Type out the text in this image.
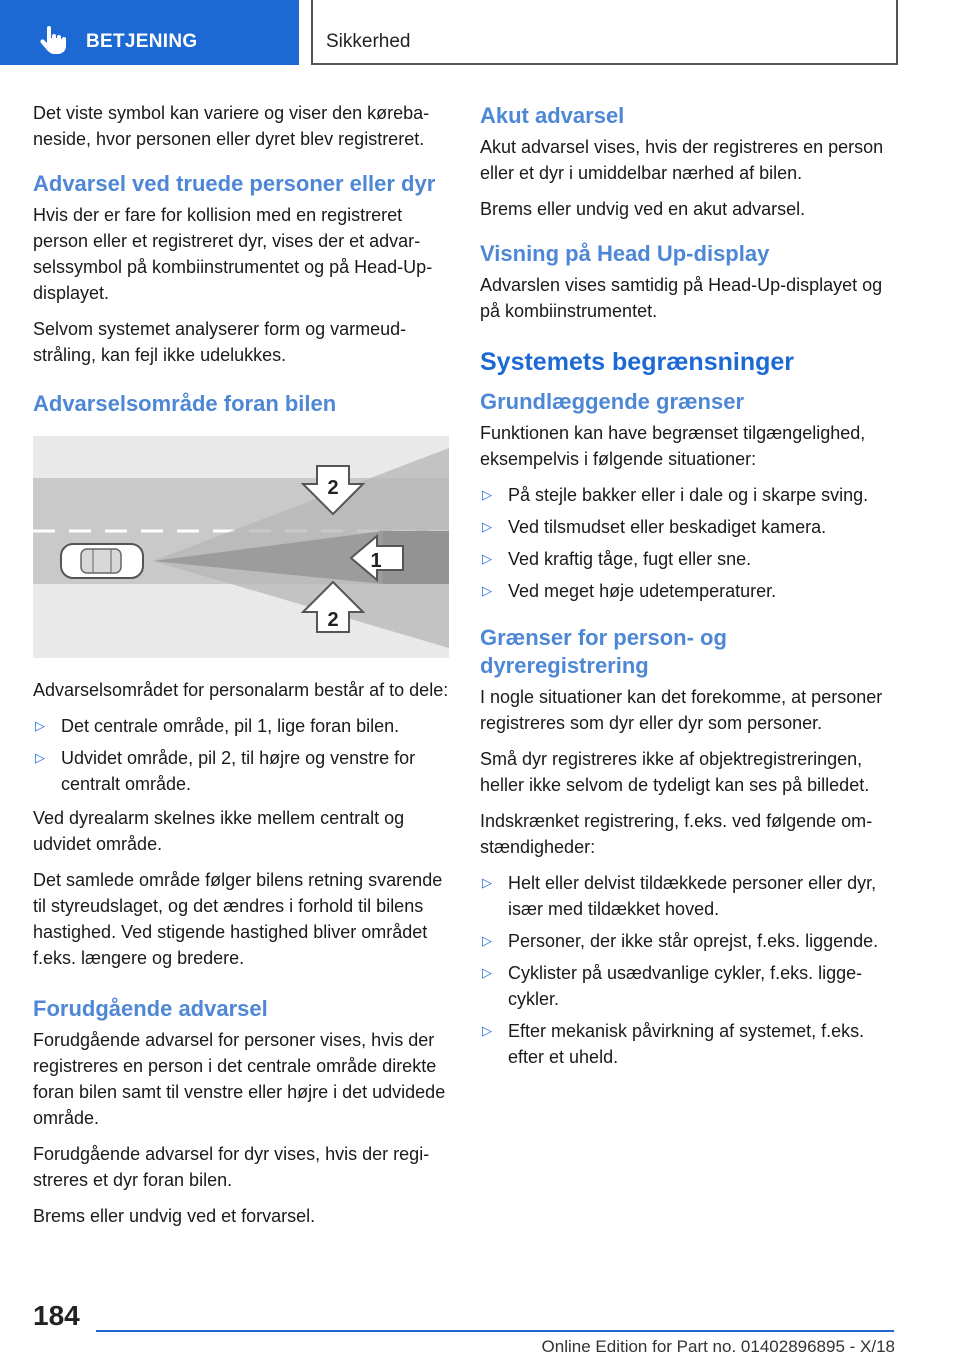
BETJENING	Sikkerhed

Det viste symbol kan variere og viser den kørebaneside, hvor personen eller dyret blev registreret.

Advarsel ved truede personer eller dyr

Hvis der er fare for kollision med en registreret person eller et registreret dyr, vises der et advarselssymbol på kombiinstrumentet og på Head-Up-displayet.

Selvom systemet analyserer form og varmeudstråling, kan fejl ikke udelukkes.

Advarselsområde foran bilen
2
1
2

Advarselsområdet for personalarm består af to dele:

▷ Det centrale område, pil 1, lige foran bilen.
▷ Udvidet område, pil 2, til højre og venstre for centralt område.

Ved dyrealarm skelnes ikke mellem centralt og udvidet område.

Det samlede område følger bilens retning svarende til styreudslaget, og det ændres i forhold til bilens hastighed. Ved stigende hastighed bliver området f.eks. længere og bredere.

Forudgående advarsel

Forudgående advarsel for personer vises, hvis der registreres en person i det centrale område direkte foran bilen samt til venstre eller højre i det udvidede område.

Forudgående advarsel for dyr vises, hvis der registreres et dyr foran bilen.

Brems eller undvig ved et forvarsel.

Akut advarsel

Akut advarsel vises, hvis der registreres en person eller et dyr i umiddelbar nærhed af bilen.

Brems eller undvig ved en akut advarsel.

Visning på Head Up-display

Advarslen vises samtidig på Head-Up-displayet og på kombiinstrumentet.

Systemets begrænsninger
Grundlæggende grænser

Funktionen kan have begrænset tilgængelighed, eksempelvis i følgende situationer:

▷ På stejle bakker eller i dale og i skarpe sving.
▷ Ved tilsmudset eller beskadiget kamera.
▷ Ved kraftig tåge, fugt eller sne.
▷ Ved meget høje udetemperaturer.
Grænser for person- og dyreregistrering

I nogle situationer kan det forekomme, at personer registreres som dyr eller dyr som personer.

Små dyr registreres ikke af objektregistreringen, heller ikke selvom de tydeligt kan ses på billedet.

Indskrænket registrering, f.eks. ved følgende omstændigheder:

▷ Helt eller delvist tildækkede personer eller dyr, især med tildækket hoved.
▷ Personer, der ikke står oprejst, f.eks. liggende.
▷ Cyklister på usædvanlige cykler, f.eks. liggecykler.
▷ Efter mekanisk påvirkning af systemet, f.eks. efter et uheld.
184
Online Edition for Part no. 01402896895 - X/18
